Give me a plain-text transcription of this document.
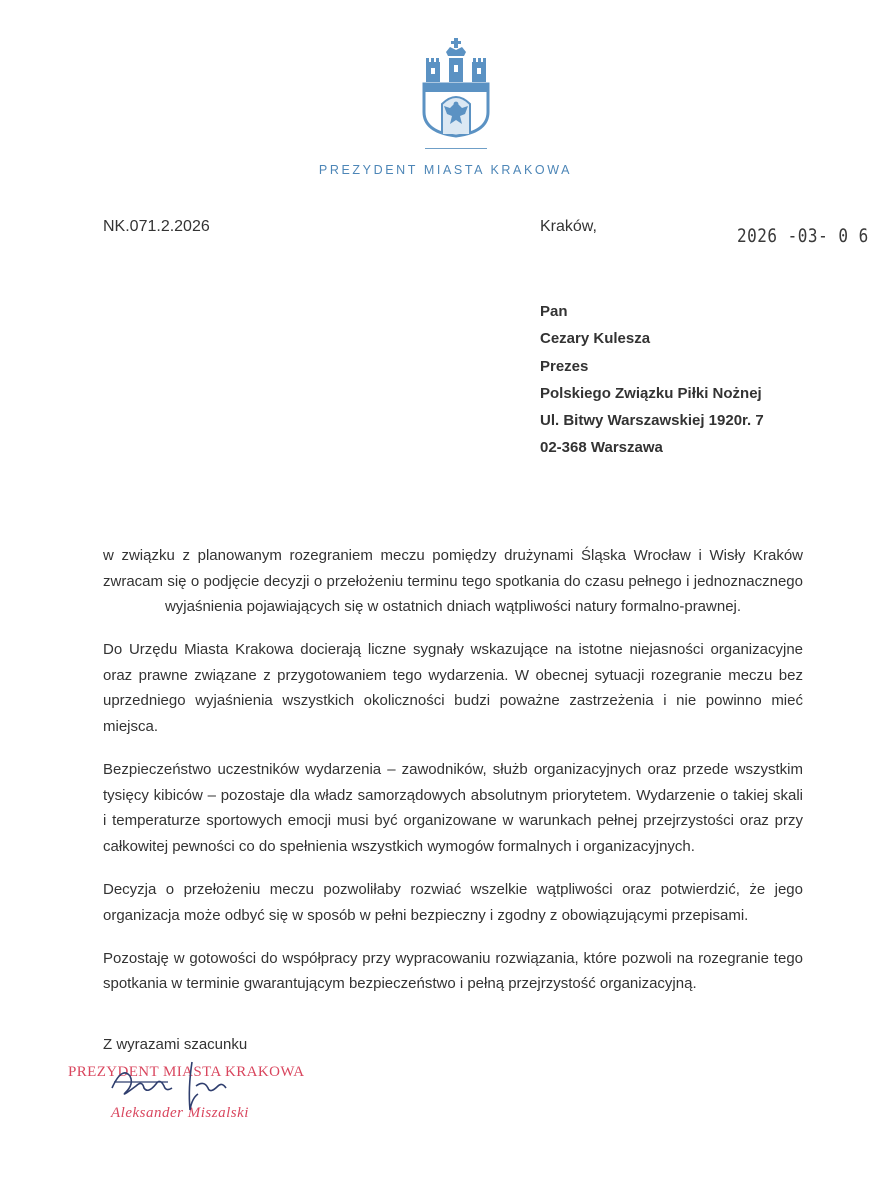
PREZYDENT MIASTA KRAKOWA
NK.071.2.2026	Kraków,	2026 -03- 0 6
Pan
Cezary Kulesza
Prezes
Polskiego Związku Piłki Nożnej
Ul. Bitwy Warszawskiej 1920r. 7
02-368 Warszawa

w związku z planowanym rozegraniem meczu pomiędzy drużynami Śląska Wrocław i Wisły Kraków zwracam się o podjęcie decyzji o przełożeniu terminu tego spotkania do czasu pełnego i jednoznacznego wyjaśnienia pojawiających się w ostatnich dniach wątpliwości natury formalno-prawnej.

Do Urzędu Miasta Krakowa docierają liczne sygnały wskazujące na istotne niejasności organizacyjne oraz prawne związane z przygotowaniem tego wydarzenia. W obecnej sytuacji rozegranie meczu bez uprzedniego wyjaśnienia wszystkich okoliczności budzi poważne zastrzeżenia i nie powinno mieć miejsca.

Bezpieczeństwo uczestników wydarzenia – zawodników, służb organizacyjnych oraz przede wszystkim tysięcy kibiców – pozostaje dla władz samorządowych absolutnym priorytetem. Wydarzenie o takiej skali i temperaturze sportowych emocji musi być organizowane w warunkach pełnej przejrzystości oraz przy całkowitej pewności co do spełnienia wszystkich wymogów formalnych i organizacyjnych.

Decyzja o przełożeniu meczu pozwoliłaby rozwiać wszelkie wątpliwości oraz potwierdzić, że jego organizacja może odbyć się w sposób w pełni bezpieczny i zgodny z obowiązującymi przepisami.

Pozostaję w gotowości do współpracy przy wypracowaniu rozwiązania, które pozwoli na rozegranie tego spotkania w terminie gwarantującym bezpieczeństwo i pełną przejrzystość organizacyjną.

Z wyrazami szacunku
PREZYDENT MIASTA KRAKOWA
Aleksander Miszalski
